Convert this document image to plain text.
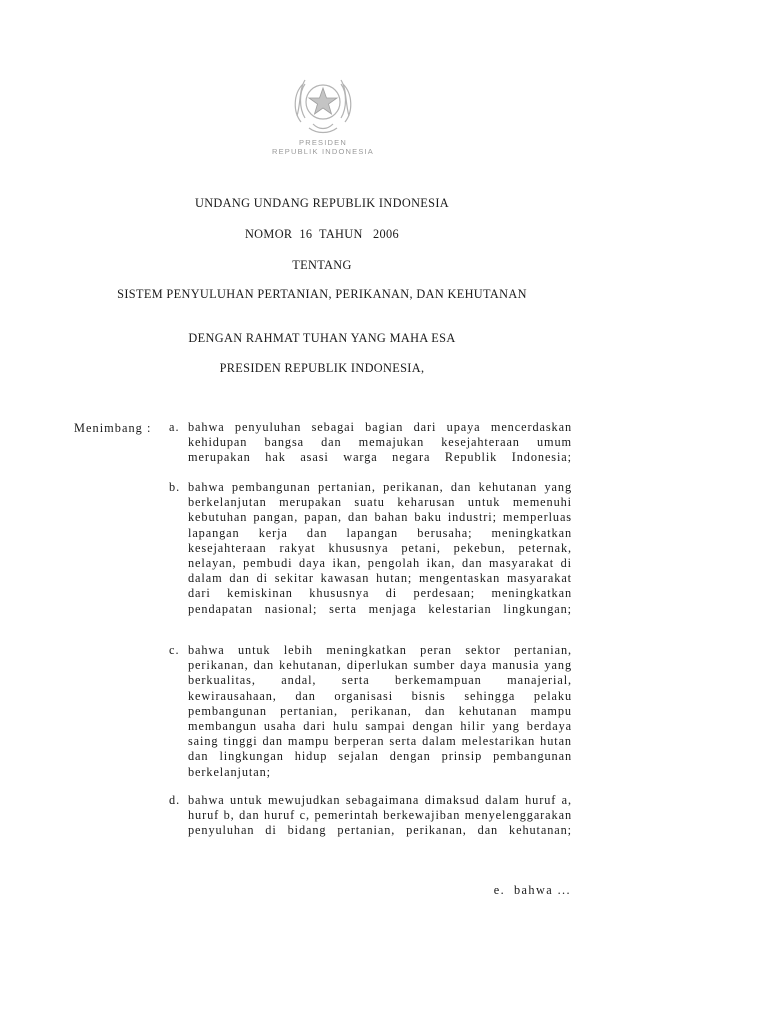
PRESIDEN
REPUBLIK INDONESIA
UNDANG UNDANG REPUBLIK INDONESIA
NOMOR  16  TAHUN   2006
TENTANG
SISTEM PENYULUHAN PERTANIAN, PERIKANAN, DAN KEHUTANAN
DENGAN RAHMAT TUHAN YANG MAHA ESA
PRESIDEN REPUBLIK INDONESIA,
Menimbang : a. bahwa penyuluhan sebagai bagian dari upaya mencerdaskan kehidupan bangsa dan memajukan kesejahteraan umum merupakan hak asasi warga negara Republik Indonesia;
b. bahwa pembangunan pertanian, perikanan, dan kehutanan yang berkelanjutan merupakan suatu keharusan untuk memenuhi kebutuhan pangan, papan, dan bahan baku industri; memperluas lapangan kerja dan lapangan berusaha; meningkatkan kesejahteraan rakyat khususnya petani, pekebun, peternak, nelayan, pembudi daya ikan, pengolah ikan, dan masyarakat di dalam dan di sekitar kawasan hutan; mengentaskan masyarakat dari kemiskinan khususnya di perdesaan; meningkatkan pendapatan nasional; serta menjaga kelestarian lingkungan;
c. bahwa untuk lebih meningkatkan peran sektor pertanian, perikanan, dan kehutanan, diperlukan sumber daya manusia yang berkualitas, andal, serta berkemampuan manajerial, kewirausahaan, dan organisasi bisnis sehingga pelaku pembangunan pertanian, perikanan, dan kehutanan mampu membangun usaha dari hulu sampai dengan hilir yang berdaya saing tinggi dan mampu berperan serta dalam melestarikan hutan dan lingkungan hidup sejalan dengan prinsip pembangunan berkelanjutan;
d. bahwa untuk mewujudkan sebagaimana dimaksud dalam huruf a, huruf b, dan huruf c, pemerintah berkewajiban menyelenggarakan penyuluhan di bidang pertanian, perikanan, dan kehutanan;
e.  bahwa ...
